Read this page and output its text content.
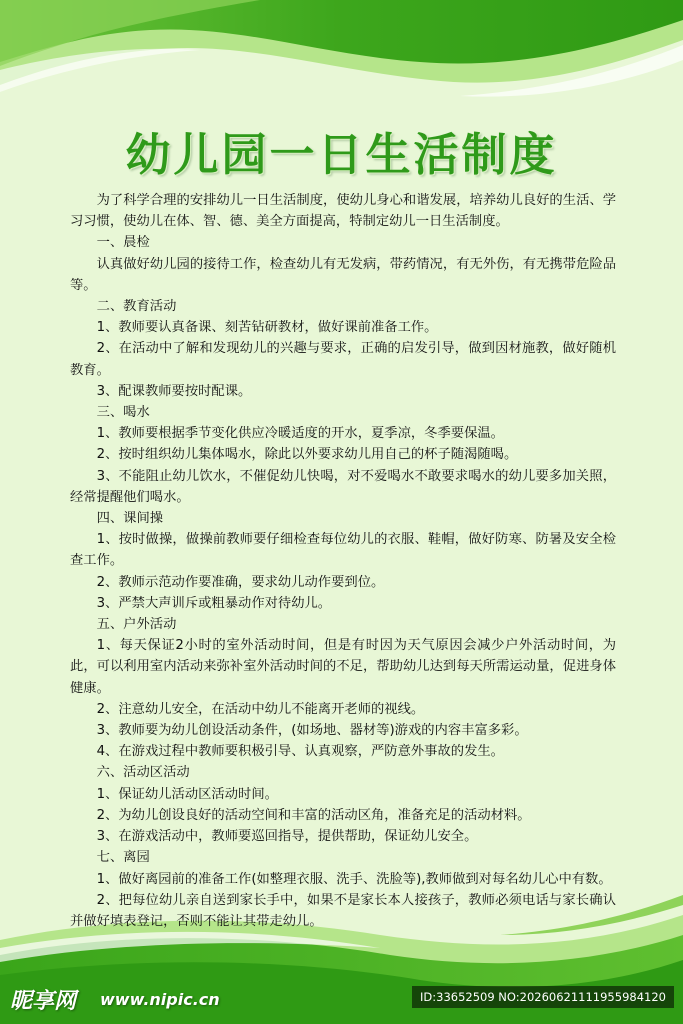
幼儿园一日生活制度

为了科学合理的安排幼儿一日生活制度，使幼儿身心和谐发展，培养幼儿良好的生活、学习习惯，使幼儿在体、智、德、美全方面提高，特制定幼儿一日生活制度。

一、晨检

认真做好幼儿园的接待工作，检查幼儿有无发病，带药情况，有无外伤，有无携带危险品等。

二、教育活动

1、教师要认真备课、刻苦钻研教材，做好课前准备工作。

2、在活动中了解和发现幼儿的兴趣与要求，正确的启发引导，做到因材施教，做好随机教育。

3、配课教师要按时配课。

三、喝水

1、教师要根据季节变化供应冷暖适度的开水，夏季凉，冬季要保温。

2、按时组织幼儿集体喝水，除此以外要求幼儿用自己的杯子随渴随喝。

3、不能阻止幼儿饮水，不催促幼儿快喝，对不爱喝水不敢要求喝水的幼儿要多加关照，经常提醒他们喝水。

四、课间操

1、按时做操，做操前教师要仔细检查每位幼儿的衣服、鞋帽，做好防寒、防暑及安全检查工作。

2、教师示范动作要准确，要求幼儿动作要到位。

3、严禁大声训斥或粗暴动作对待幼儿。

五、户外活动

1、每天保证2小时的室外活动时间，但是有时因为天气原因会减少户外活动时间，为此，可以利用室内活动来弥补室外活动时间的不足，帮助幼儿达到每天所需运动量，促进身体健康。

2、注意幼儿安全，在活动中幼儿不能离开老师的视线。

3、教师要为幼儿创设活动条件，(如场地、器材等)游戏的内容丰富多彩。

4、在游戏过程中教师要积极引导、认真观察，严防意外事故的发生。

六、活动区活动

1、保证幼儿活动区活动时间。

2、为幼儿创设良好的活动空间和丰富的活动区角，准备充足的活动材料。

3、在游戏活动中，教师要巡回指导，提供帮助，保证幼儿安全。

七、离园

1、做好离园前的准备工作(如整理衣服、洗手、洗脸等),教师做到对每名幼儿心中有数。

2、把每位幼儿亲自送到家长手中，如果不是家长本人接孩子，教师必须电话与家长确认并做好填表登记，否则不能让其带走幼儿。

昵享网 www.nipic.cn	ID:33652509 NO:20260621111955984120
